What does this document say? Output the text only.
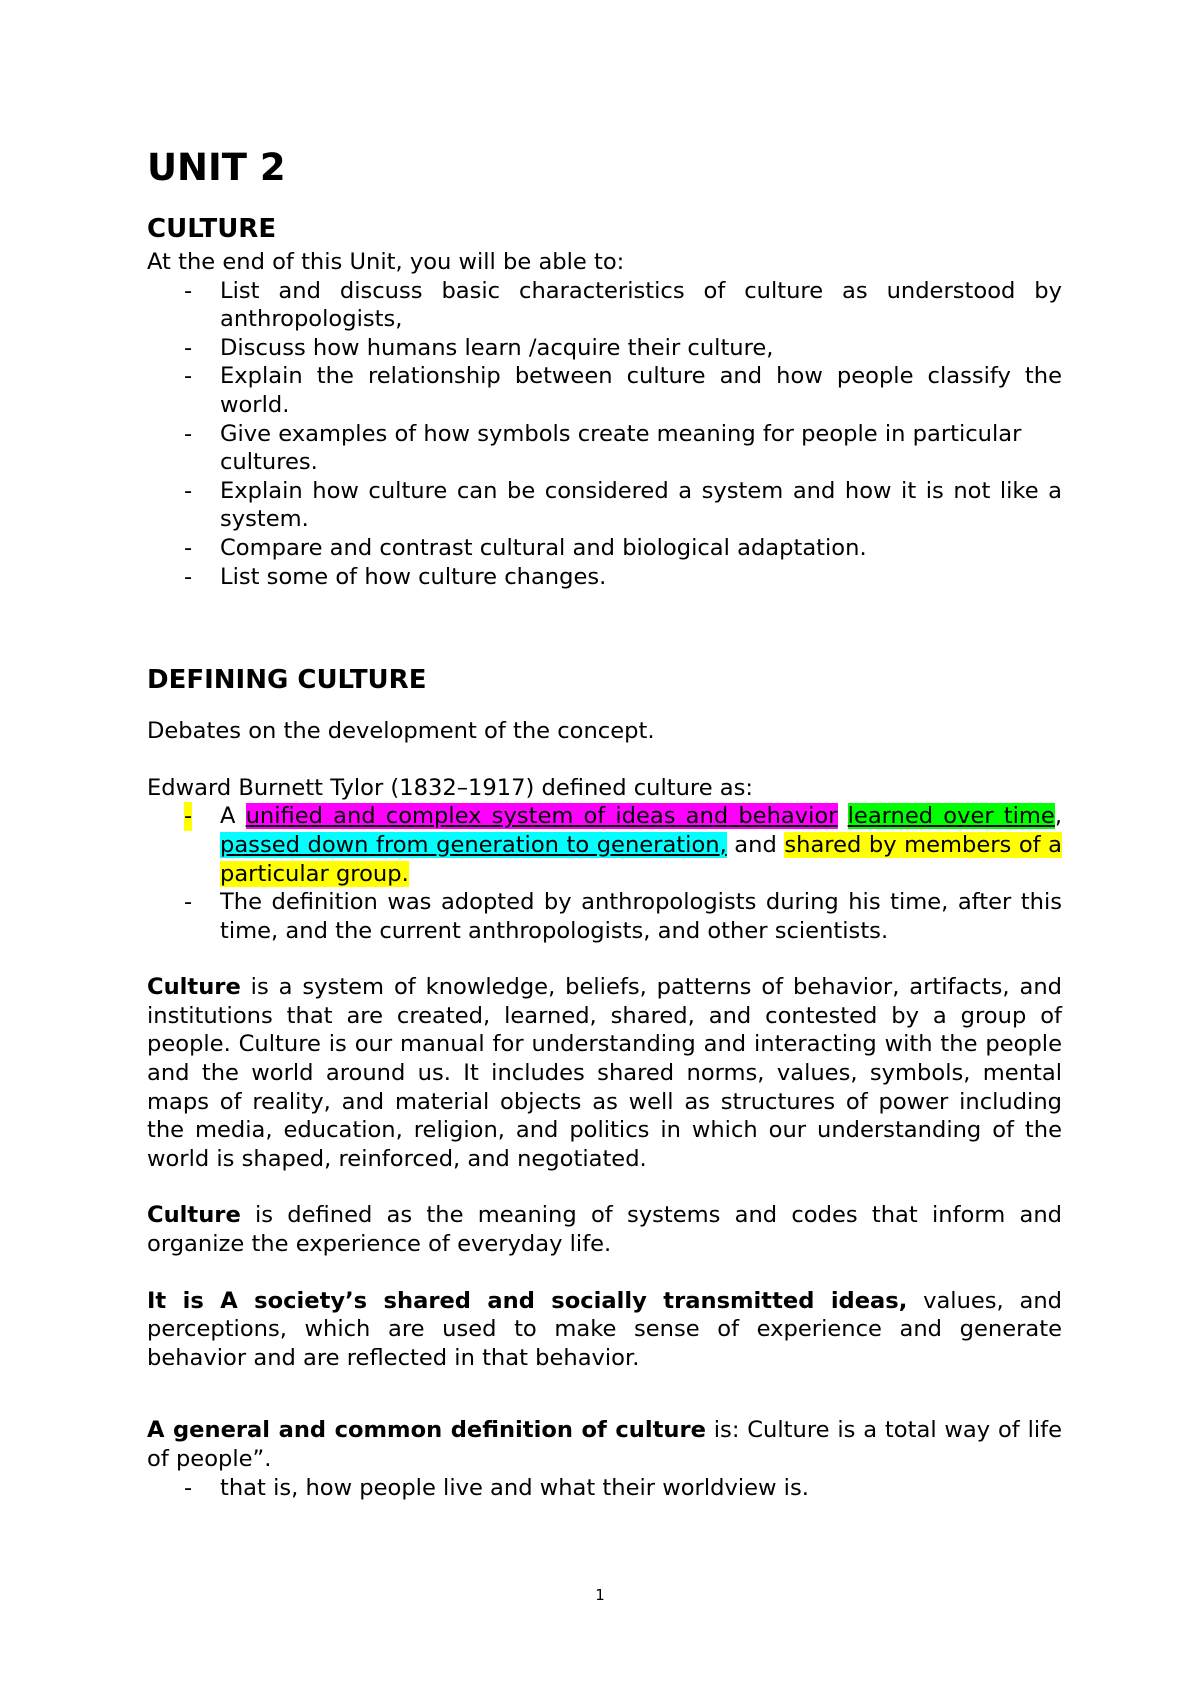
UNIT 2
CULTURE

At the end of this Unit, you will be able to:

- List and discuss basic characteristics of culture as understood by anthropologists,
- Discuss how humans learn /acquire their culture,
- Explain the relationship between culture and how people classify the world.
- Give examples of how symbols create meaning for people in particular cultures.
- Explain how culture can be considered a system and how it is not like a system.
- Compare and contrast cultural and biological adaptation.
- List some of how culture changes.
DEFINING CULTURE

Debates on the development of the concept.

Edward Burnett Tylor (1832–1917) defined culture as:

- A unified and complex system of ideas and behavior learned over time, passed down from generation to generation, and shared by members of a particular group.
- The definition was adopted by anthropologists during his time, after this time, and the current anthropologists, and other scientists.

Culture is a system of knowledge, beliefs, patterns of behavior, artifacts, and institutions that are created, learned, shared, and contested by a group of people. Culture is our manual for understanding and interacting with the people and the world around us. It includes shared norms, values, symbols, mental maps of reality, and material objects as well as structures of power including the media, education, religion, and politics in which our understanding of the world is shaped, reinforced, and negotiated.

Culture is defined as the meaning of systems and codes that inform and organize the experience of everyday life.

It is A society’s shared and socially transmitted ideas, values, and perceptions, which are used to make sense of experience and generate behavior and are reflected in that behavior.

A general and common definition of culture is: Culture is a total way of life of people”.

- that is, how people live and what their worldview is.
1
